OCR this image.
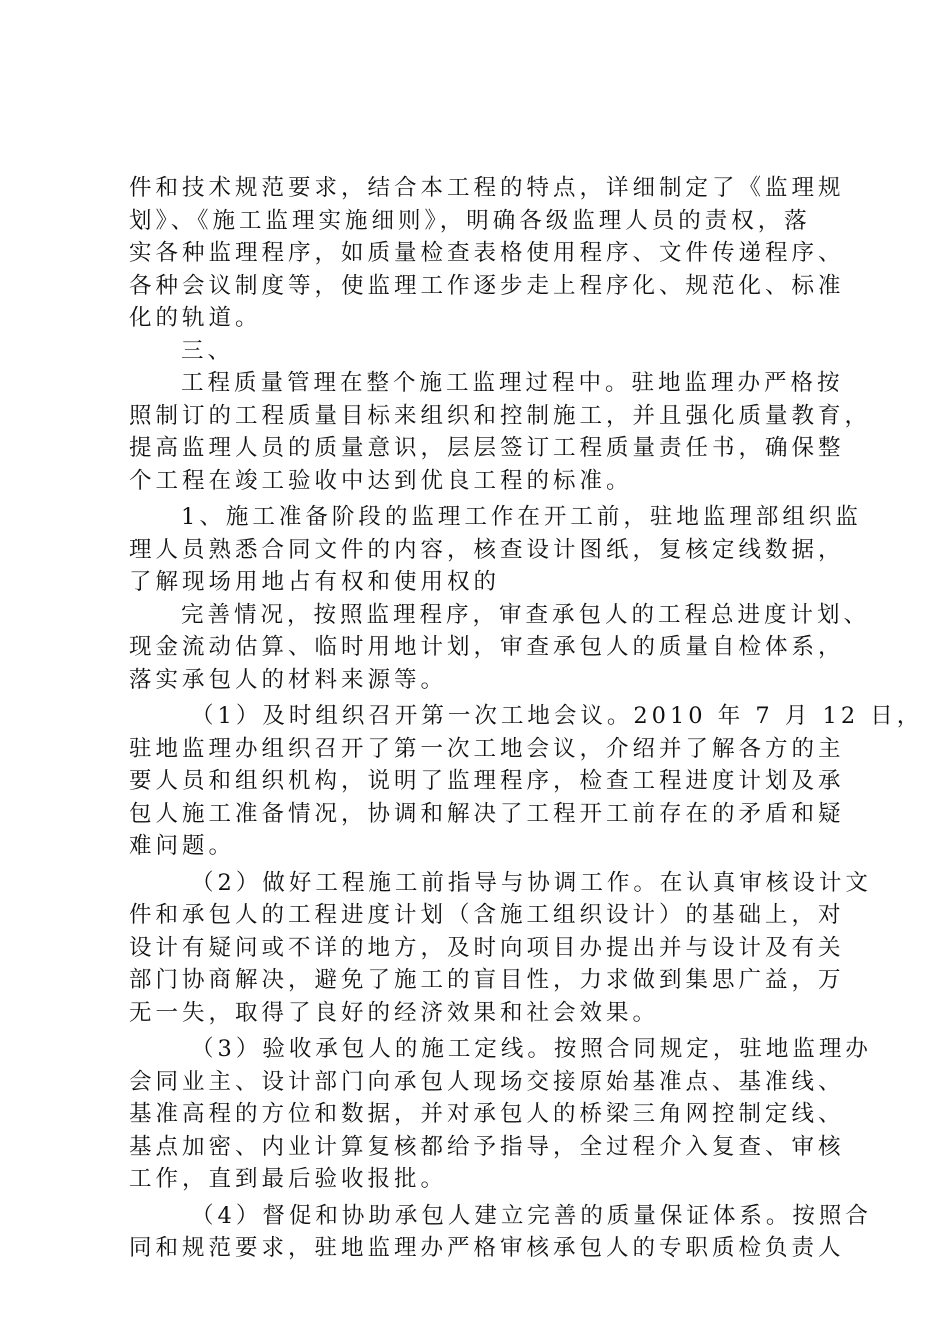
件和技术规范要求，结合本工程的特点，详细制定了《监理规
划》、《施工监理实施细则》，明确各级监理人员的责权，落
实各种监理程序，如质量检查表格使用程序、文件传递程序、
各种会议制度等，使监理工作逐步走上程序化、规范化、标准
化的轨道。
三、
工程质量管理在整个施工监理过程中。驻地监理办严格按
照制订的工程质量目标来组织和控制施工，并且强化质量教育，
提高监理人员的质量意识，层层签订工程质量责任书，确保整
个工程在竣工验收中达到优良工程的标准。
1、施工准备阶段的监理工作在开工前，驻地监理部组织监
理人员熟悉合同文件的内容，核查设计图纸，复核定线数据，
了解现场用地占有权和使用权的
完善情况，按照监理程序，审查承包人的工程总进度计划、
现金流动估算、临时用地计划，审查承包人的质量自检体系，
落实承包人的材料来源等。
（1）及时组织召开第一次工地会议。2010 年 7 月 12 日，
驻地监理办组织召开了第一次工地会议，介绍并了解各方的主
要人员和组织机构，说明了监理程序，检查工程进度计划及承
包人施工准备情况，协调和解决了工程开工前存在的矛盾和疑
难问题。
（2）做好工程施工前指导与协调工作。在认真审核设计文
件和承包人的工程进度计划（含施工组织设计）的基础上，对
设计有疑问或不详的地方，及时向项目办提出并与设计及有关
部门协商解决，避免了施工的盲目性，力求做到集思广益，万
无一失，取得了良好的经济效果和社会效果。
（3）验收承包人的施工定线。按照合同规定，驻地监理办
会同业主、设计部门向承包人现场交接原始基准点、基准线、
基准高程的方位和数据，并对承包人的桥梁三角网控制定线、
基点加密、内业计算复核都给予指导，全过程介入复查、审核
工作，直到最后验收报批。
（4）督促和协助承包人建立完善的质量保证体系。按照合
同和规范要求，驻地监理办严格审核承包人的专职质检负责人
